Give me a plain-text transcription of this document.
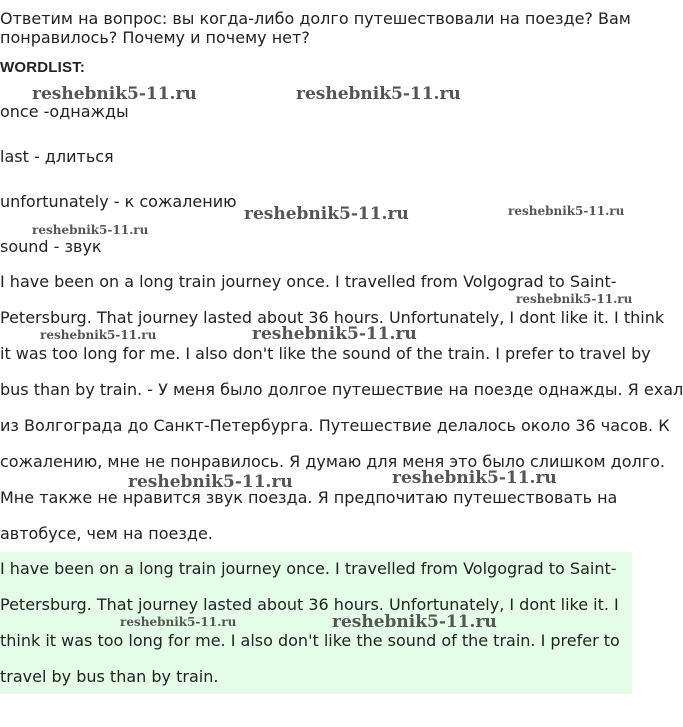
Ответим на вопрос: вы когда-либо долго путешествовали на поезде? Вам
понравилось? Почему и почему нет?
WORDLIST:
once -однажды
last - длиться
unfortunately - к сожалению
sound - звук
I have been on a long train journey once. I travelled from Volgograd to Saint-
Petersburg. That journey lasted about 36 hours. Unfortunately, I dont like it. I think
it was too long for me. I also don't like the sound of the train. I prefer to travel by
bus than by train. - У меня было долгое путешествие на поезде однажды. Я ехал
из Волгограда до Санкт-Петербурга. Путешествие делалось около 36 часов. К
сожалению, мне не понравилось. Я думаю для меня это было слишком долго.
Мне также не нравится звук поезда. Я предпочитаю путешествовать на
автобусе, чем на поезде.
I have been on a long train journey once. I travelled from Volgograd to Saint-
Petersburg. That journey lasted about 36 hours. Unfortunately, I dont like it. I
think it was too long for me. I also don't like the sound of the train. I prefer to
travel by bus than by train.
reshebnik5-11.ru	reshebnik5-11.ru
reshebnik5-11.ru	reshebnik5-11.ru
reshebnik5-11.ru
reshebnik5-11.ru
reshebnik5-11.ru	reshebnik5-11.ru
reshebnik5-11.ru	reshebnik5-11.ru
reshebnik5-11.ru	reshebnik5-11.ru
